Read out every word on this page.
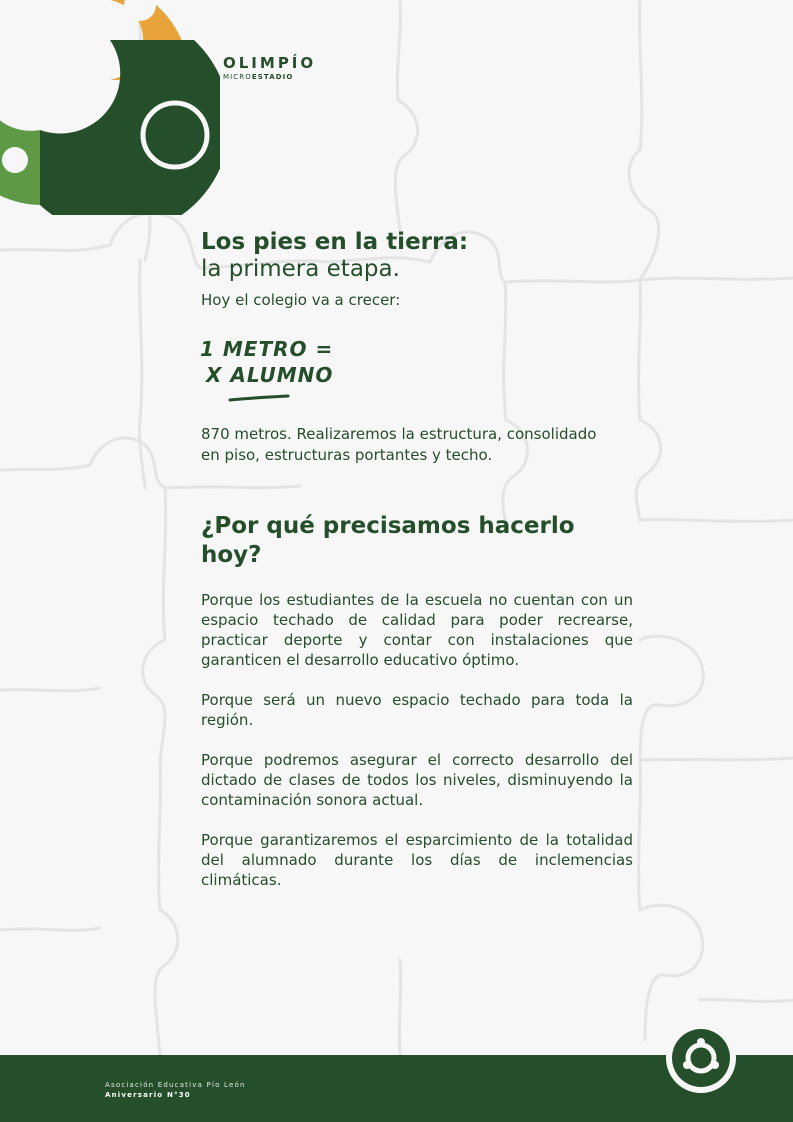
OLIMPÍO
MICROESTADIO
Los pies en la tierra:
la primera etapa.
Hoy el colegio va a crecer:
1 METRO =
X ALUMNO
870 metros. Realizaremos la estructura, consolidado en piso, estructuras portantes y techo.
¿Por qué precisamos hacerlo hoy?

Porque los estudiantes de la escuela no cuentan con un espacio techado de calidad para poder recrearse, practicar deporte y contar con instalaciones que garanticen el desarrollo educativo óptimo.

Porque será un nuevo espacio techado para toda la región.

Porque podremos asegurar el correcto desarrollo del dictado de clases de todos los niveles, disminuyendo la contaminación sonora actual.

Porque garantizaremos el esparcimiento de la totalidad del alumnado durante los días de inclemencias climáticas.

Asociación Educativa Pío León
Aniversario N°30
